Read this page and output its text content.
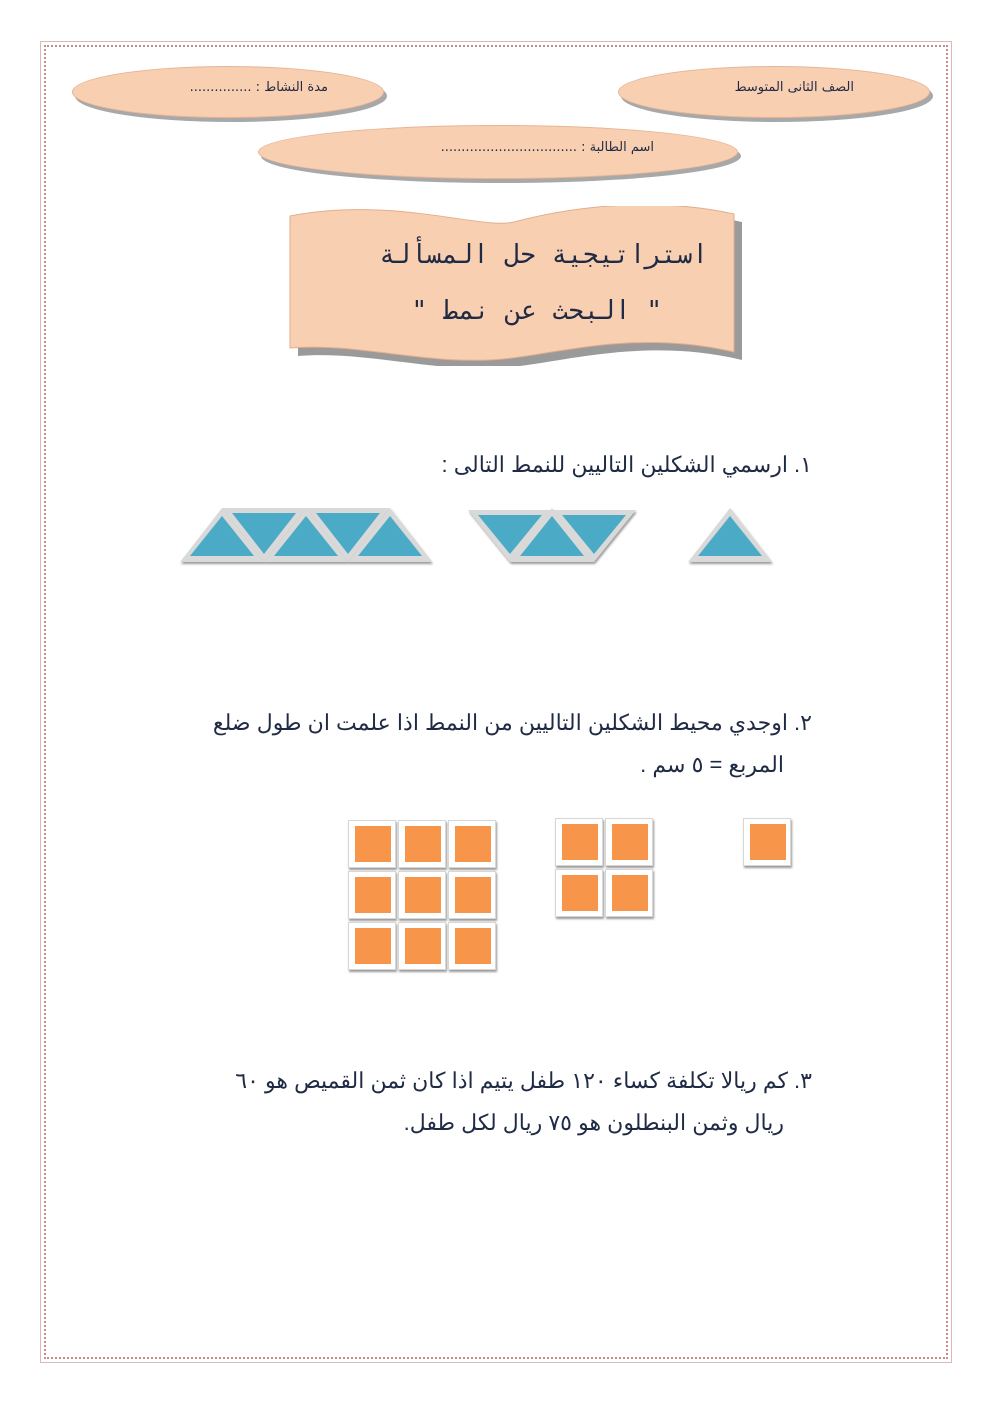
الصف الثانى المتوسط
مدة النشاط : ...............
اسم الطالبة : .................................
استراتيجية حل المسألة
" البحث عن نمط "
١. ارسمي الشكلين التاليين للنمط التالى :
٢. اوجدي محيط الشكلين التاليين من النمط اذا علمت ان طول ضلع
المربع = ٥ سم .
٣. كم ريالا تكلفة كساء ١٢٠ طفل يتيم اذا كان ثمن القميص هو ٦٠
ريال وثمن البنطلون هو ٧٥ ريال لكل طفل.
